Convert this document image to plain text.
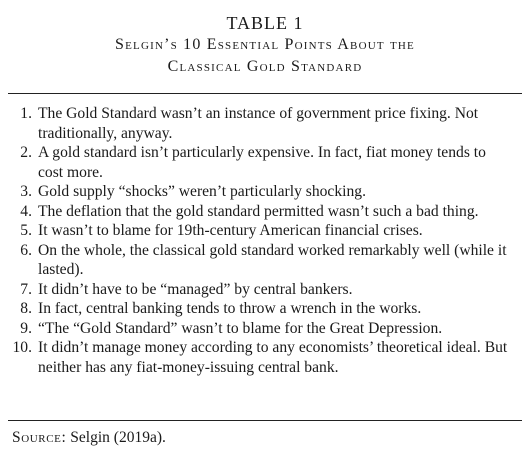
TABLE 1
Selgin’s 10 Essential Points About the
Classical Gold Standard
1. The Gold Standard wasn’t an instance of government price fixing. Not traditionally, anyway.
2. A gold standard isn’t particularly expensive. In fact, fiat money tends to cost more.
3. Gold supply “shocks” weren’t particularly shocking.
4. The deflation that the gold standard permitted wasn’t such a bad thing.
5. It wasn’t to blame for 19th-century American financial crises.
6. On the whole, the classical gold standard worked remarkably well (while it lasted).
7. It didn’t have to be “managed” by central bankers.
8. In fact, central banking tends to throw a wrench in the works.
9. “The “Gold Standard” wasn’t to blame for the Great Depression.
10. It didn’t manage money according to any economists’ theoretical ideal. But neither has any fiat-money-issuing central bank.
Source: Selgin (2019a).
